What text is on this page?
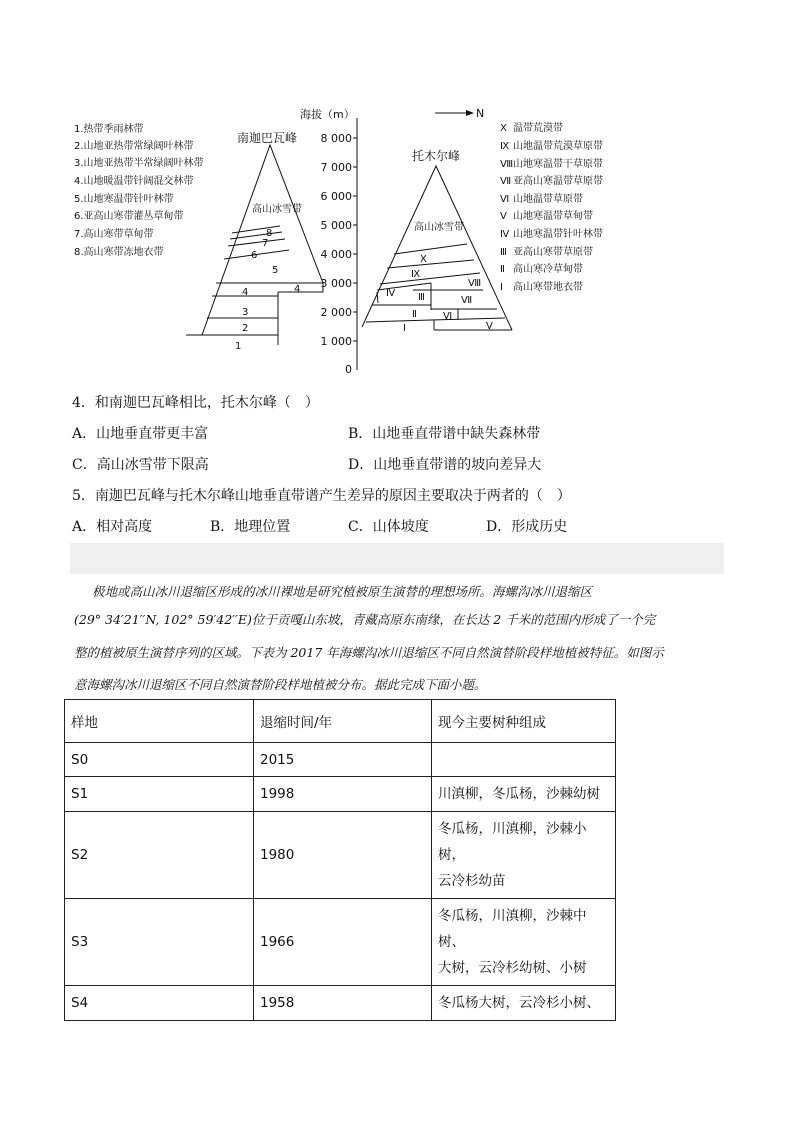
1.热带季雨林带
2.山地亚热带常绿阔叶林带
3.山地亚热带半常绿阔叶林带
4.山地暖温带针阔混交林带
5.山地寒温带针叶林带
6.亚高山寒带灌丛草甸带
7.高山寒带草甸带
8.高山寒带冻地衣带
8 000
7 000
6 000
5 000
4 000
3 000
2 000
1 000
0
海拔（m）	N
南迦巴瓦峰
高山冰雪带
1
2
3
4	4
5
6
7
8
托木尔峰
高山冰雪带
Ⅰ
Ⅱ
Ⅲ
Ⅳ
Ⅴ
Ⅵ
Ⅶ
Ⅷ
Ⅸ
Ⅹ
Ⅹ 温带荒漠带
Ⅸ 山地温带荒漠草原带
Ⅷ 山地寒温带干草原带
Ⅶ 亚高山寒温带草原带
Ⅵ 山地温带草原带
Ⅴ 山地寒温带草甸带
Ⅳ 山地寒温带针叶林带
Ⅲ 亚高山寒带草原带
Ⅱ 高山寒冷草甸带
Ⅰ 高山寒带地衣带
4．和南迦巴瓦峰相比，托木尔峰（　）
A．山地垂直带更丰富	B．山地垂直带谱中缺失森林带
C．高山冰雪带下限高	D．山地垂直带谱的坡向差异大
5．南迦巴瓦峰与托木尔峰山地垂直带谱产生差异的原因主要取决于两者的（　）
A．相对高度	B．地理位置	C．山体坡度	D．形成历史
极地或高山冰川退缩区形成的冰川裸地是研究植被原生演替的理想场所。海螺沟冰川退缩区
(29° 34′21′′N, 102° 59′42′′E)位于贡嘎山东坡，青藏高原东南缘，在长达 2 千米的范围内形成了一个完
整的植被原生演替序列的区域。下表为 2017 年海螺沟冰川退缩区不同自然演替阶段样地植被特征。如图示
意海螺沟冰川退缩区不同自然演替阶段样地植被分布。据此完成下面小题。
样地	退缩时间/年	现今主要树种组成
S0	2015	
S1	1998	川滇柳，冬瓜杨，沙棘幼树

S2	1980	冬瓜杨，川滇柳，沙棘小树，
云冷杉幼苗

S3	1966	冬瓜杨，川滇柳，沙棘中树、
大树，云冷杉幼树、小树

S4	1958	冬瓜杨大树，云冷杉小树、
